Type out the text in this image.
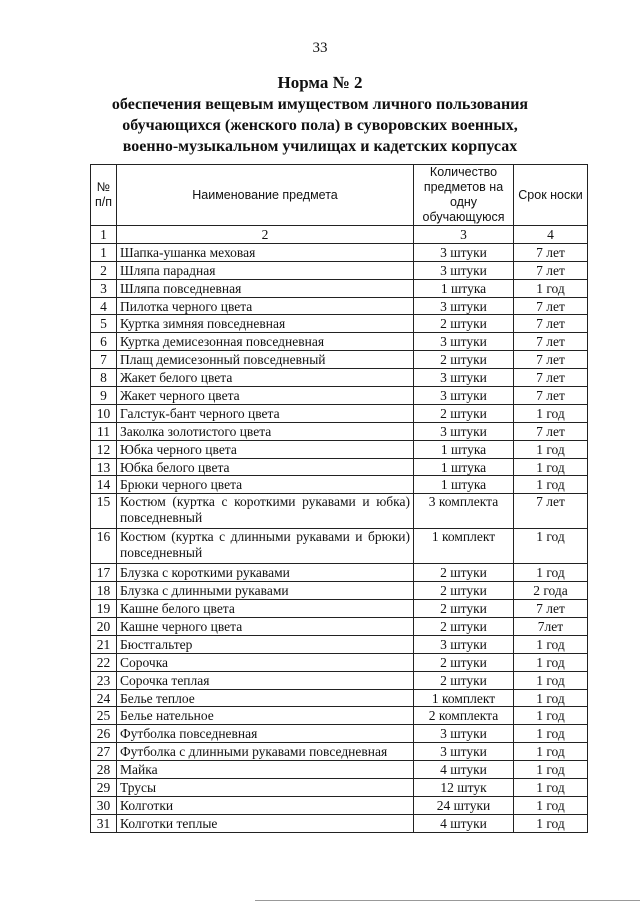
33
Норма № 2
обеспечения вещевым имуществом личного пользования
обучающихся (женского пола) в суворовских военных,
военно-музыкальном училищах и кадетских корпусах
№ п/п	Наименование предмета	Количество предметов на одну обучающуюся	Срок носки
1	2	3	4
1	Шапка-ушанка меховая	3 штуки	7 лет
2	Шляпа парадная	3 штуки	7 лет
3	Шляпа повседневная	1 штука	1 год
4	Пилотка черного цвета	3 штуки	7 лет
5	Куртка зимняя повседневная	2 штуки	7 лет
6	Куртка демисезонная повседневная	3 штуки	7 лет
7	Плащ демисезонный повседневный	2 штуки	7 лет
8	Жакет белого цвета	3 штуки	7 лет
9	Жакет черного цвета	3 штуки	7 лет
10	Галстук-бант черного цвета	2 штуки	1 год
11	Заколка золотистого цвета	3 штуки	7 лет
12	Юбка черного цвета	1 штука	1 год
13	Юбка белого цвета	1 штука	1 год
14	Брюки черного цвета	1 штука	1 год
15	Костюм (куртка с короткими рукавами и юбка) повседневный	3 комплекта	7 лет
16	Костюм (куртка с длинными рукавами и брюки) повседневный	1 комплект	1 год
17	Блузка с короткими рукавами	2 штуки	1 год
18	Блузка с длинными рукавами	2 штуки	2 года
19	Кашне белого цвета	2 штуки	7 лет
20	Кашне черного цвета	2 штуки	7лет
21	Бюстгальтер	3 штуки	1 год
22	Сорочка	2 штуки	1 год
23	Сорочка теплая	2 штуки	1 год
24	Белье теплое	1 комплект	1 год
25	Белье нательное	2 комплекта	1 год
26	Футболка повседневная	3 штуки	1 год
27	Футболка с длинными рукавами повседневная	3 штуки	1 год
28	Майка	4 штуки	1 год
29	Трусы	12 штук	1 год
30	Колготки	24 штуки	1 год
31	Колготки теплые	4 штуки	1 год
